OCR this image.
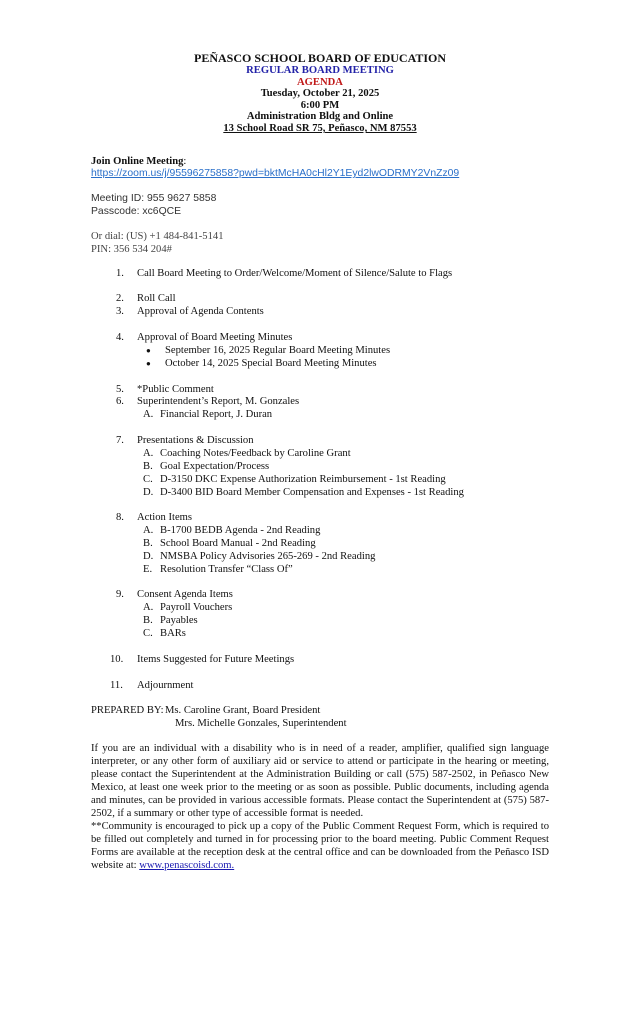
PEÑASCO SCHOOL BOARD OF EDUCATION
REGULAR BOARD MEETING
AGENDA
Tuesday, October 21, 2025
6:00 PM
Administration Bldg and Online
13 School Road SR 75, Peñasco, NM 87553
Join Online Meeting:
https://zoom.us/j/95596275858?pwd=bktMcHA0cHl2Y1Eyd2lwODRMY2VnZz09
Meeting ID: 955 9627 5858
Passcode: xc6QCE
Or dial: (US) +1 484-841-5141
PIN: 356 534 204#
1. Call Board Meeting to Order/Welcome/Moment of Silence/Salute to Flags
2. Roll Call
3. Approval of Agenda Contents
4. Approval of Board Meeting Minutes
● September 16, 2025 Regular Board Meeting Minutes
● October 14, 2025 Special Board Meeting Minutes
5. *Public Comment
6. Superintendent’s Report, M. Gonzales
A. Financial Report, J. Duran
7. Presentations & Discussion
A. Coaching Notes/Feedback by Caroline Grant
B. Goal Expectation/Process
C. D-3150 DKC Expense Authorization Reimbursement - 1st Reading
D. D-3400 BID Board Member Compensation and Expenses - 1st Reading
8. Action Items
A. B-1700 BEDB Agenda - 2nd Reading
B. School Board Manual - 2nd Reading
D. NMSBA Policy Advisories 265-269 - 2nd Reading
E. Resolution Transfer “Class Of”
9. Consent Agenda Items
A. Payroll Vouchers
B. Payables
C. BARs
10. Items Suggested for Future Meetings
11. Adjournment
PREPARED BY: Ms. Caroline Grant, Board President
Mrs. Michelle Gonzales, Superintendent
If you are an individual with a disability who is in need of a reader, amplifier, qualified sign language interpreter, or any other form of auxiliary aid or service to attend or participate in the hearing or meeting, please contact the Superintendent at the Administration Building or call (575) 587-2502, in Peñasco New Mexico, at least one week prior to the meeting or as soon as possible. Public documents, including agenda and minutes, can be provided in various accessible formats. Please contact the Superintendent at (575) 587-2502, if a summary or other type of accessible format is needed.
**Community is encouraged to pick up a copy of the Public Comment Request Form, which is required to be filled out completely and turned in for processing prior to the board meeting. Public Comment Request Forms are available at the reception desk at the central office and can be downloaded from the Peñasco ISD website at: www.penascoisd.com.
